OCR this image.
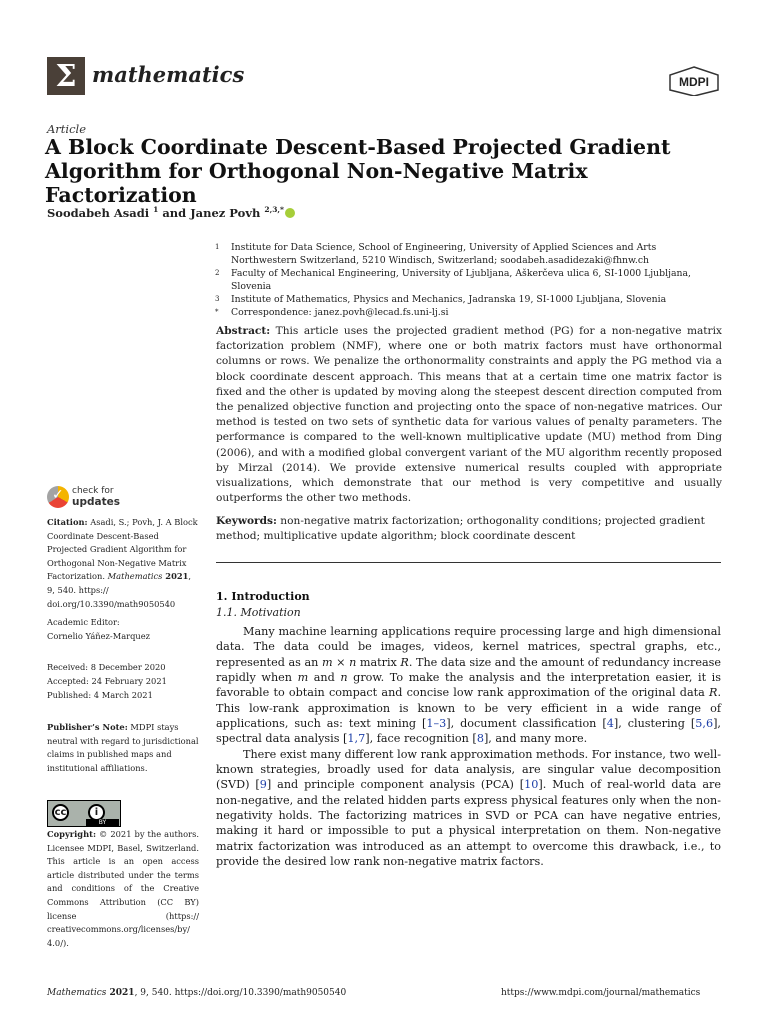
Σ mathematics	MDPI
Article
A Block Coordinate Descent-Based Projected Gradient Algorithm for Orthogonal Non-Negative Matrix Factorization
Soodabeh Asadi $^1$ and Janez Povh $^{2,3,*}$
1	Institute for Data Science, School of Engineering, University of Applied Sciences and Arts Northwestern Switzerland, 5210 Windisch, Switzerland; soodabeh.asadidezaki@fhnw.ch
2	Faculty of Mechanical Engineering, University of Ljubljana, Aškerčeva ulica 6, SI-1000 Ljubljana, Slovenia
3	Institute of Mathematics, Physics and Mechanics, Jadranska 19, SI-1000 Ljubljana, Slovenia
*	Correspondence: janez.povh@lecad.fs.uni-lj.si
Abstract: This article uses the projected gradient method (PG) for a non-negative matrix factorization problem (NMF), where one or both matrix factors must have orthonormal columns or rows. We penalize the orthonormality constraints and apply the PG method via a block coordinate descent approach. This means that at a certain time one matrix factor is fixed and the other is updated by moving along the steepest descent direction computed from the penalized objective function and projecting onto the space of non-negative matrices. Our method is tested on two sets of synthetic data for various values of penalty parameters. The performance is compared to the well-known multiplicative update (MU) method from Ding (2006), and with a modified global convergent variant of the MU algorithm recently proposed by Mirzal (2014). We provide extensive numerical results coupled with appropriate visualizations, which demonstrate that our method is very competitive and usually outperforms the other two methods.
Keywords: non-negative matrix factorization; orthogonality conditions; projected gradient method; multiplicative update algorithm; block coordinate descent
✓
check for
updates
Citation: Asadi, S.; Povh, J. A Block Coordinate Descent-Based Projected Gradient Algorithm for Orthogonal Non-Negative Matrix Factorization. Mathematics 2021, 9, 540. https:// doi.org/10.3390/math9050540
Academic Editor: Cornelio Yáñez-Marquez
Received: 8 December 2020
Accepted: 24 February 2021
Published: 4 March 2021
Publisher’s Note: MDPI stays neutral with regard to jurisdictional claims in published maps and institutional affiliations.
cc	i
BY
Copyright: © 2021 by the authors. Licensee MDPI, Basel, Switzerland. This article is an open access article distributed under the terms and conditions of the Creative Commons Attribution (CC BY) license (https:// creativecommons.org/licenses/by/ 4.0/).
1. Introduction
1.1. Motivation

Many machine learning applications require processing large and high dimensional data. The data could be images, videos, kernel matrices, spectral graphs, etc., represented as an m × n matrix R. The data size and the amount of redundancy increase rapidly when m and n grow. To make the analysis and the interpretation easier, it is favorable to obtain compact and concise low rank approximation of the original data R. This low-rank approximation is known to be very efficient in a wide range of applications, such as: text mining [1–3], document classification [4], clustering [5,6], spectral data analysis [1,7], face recognition [8], and many more.

There exist many different low rank approximation methods. For instance, two well-known strategies, broadly used for data analysis, are singular value decomposition (SVD) [9] and principle component analysis (PCA) [10]. Much of real-world data are non-negative, and the related hidden parts express physical features only when the non-negativity holds. The factorizing matrices in SVD or PCA can have negative entries, making it hard or impossible to put a physical interpretation on them. Non-negative matrix factorization was introduced as an attempt to overcome this drawback, i.e., to provide the desired low rank non-negative matrix factors.

Mathematics 2021, 9, 540. https://doi.org/10.3390/math9050540	https://www.mdpi.com/journal/mathematics
